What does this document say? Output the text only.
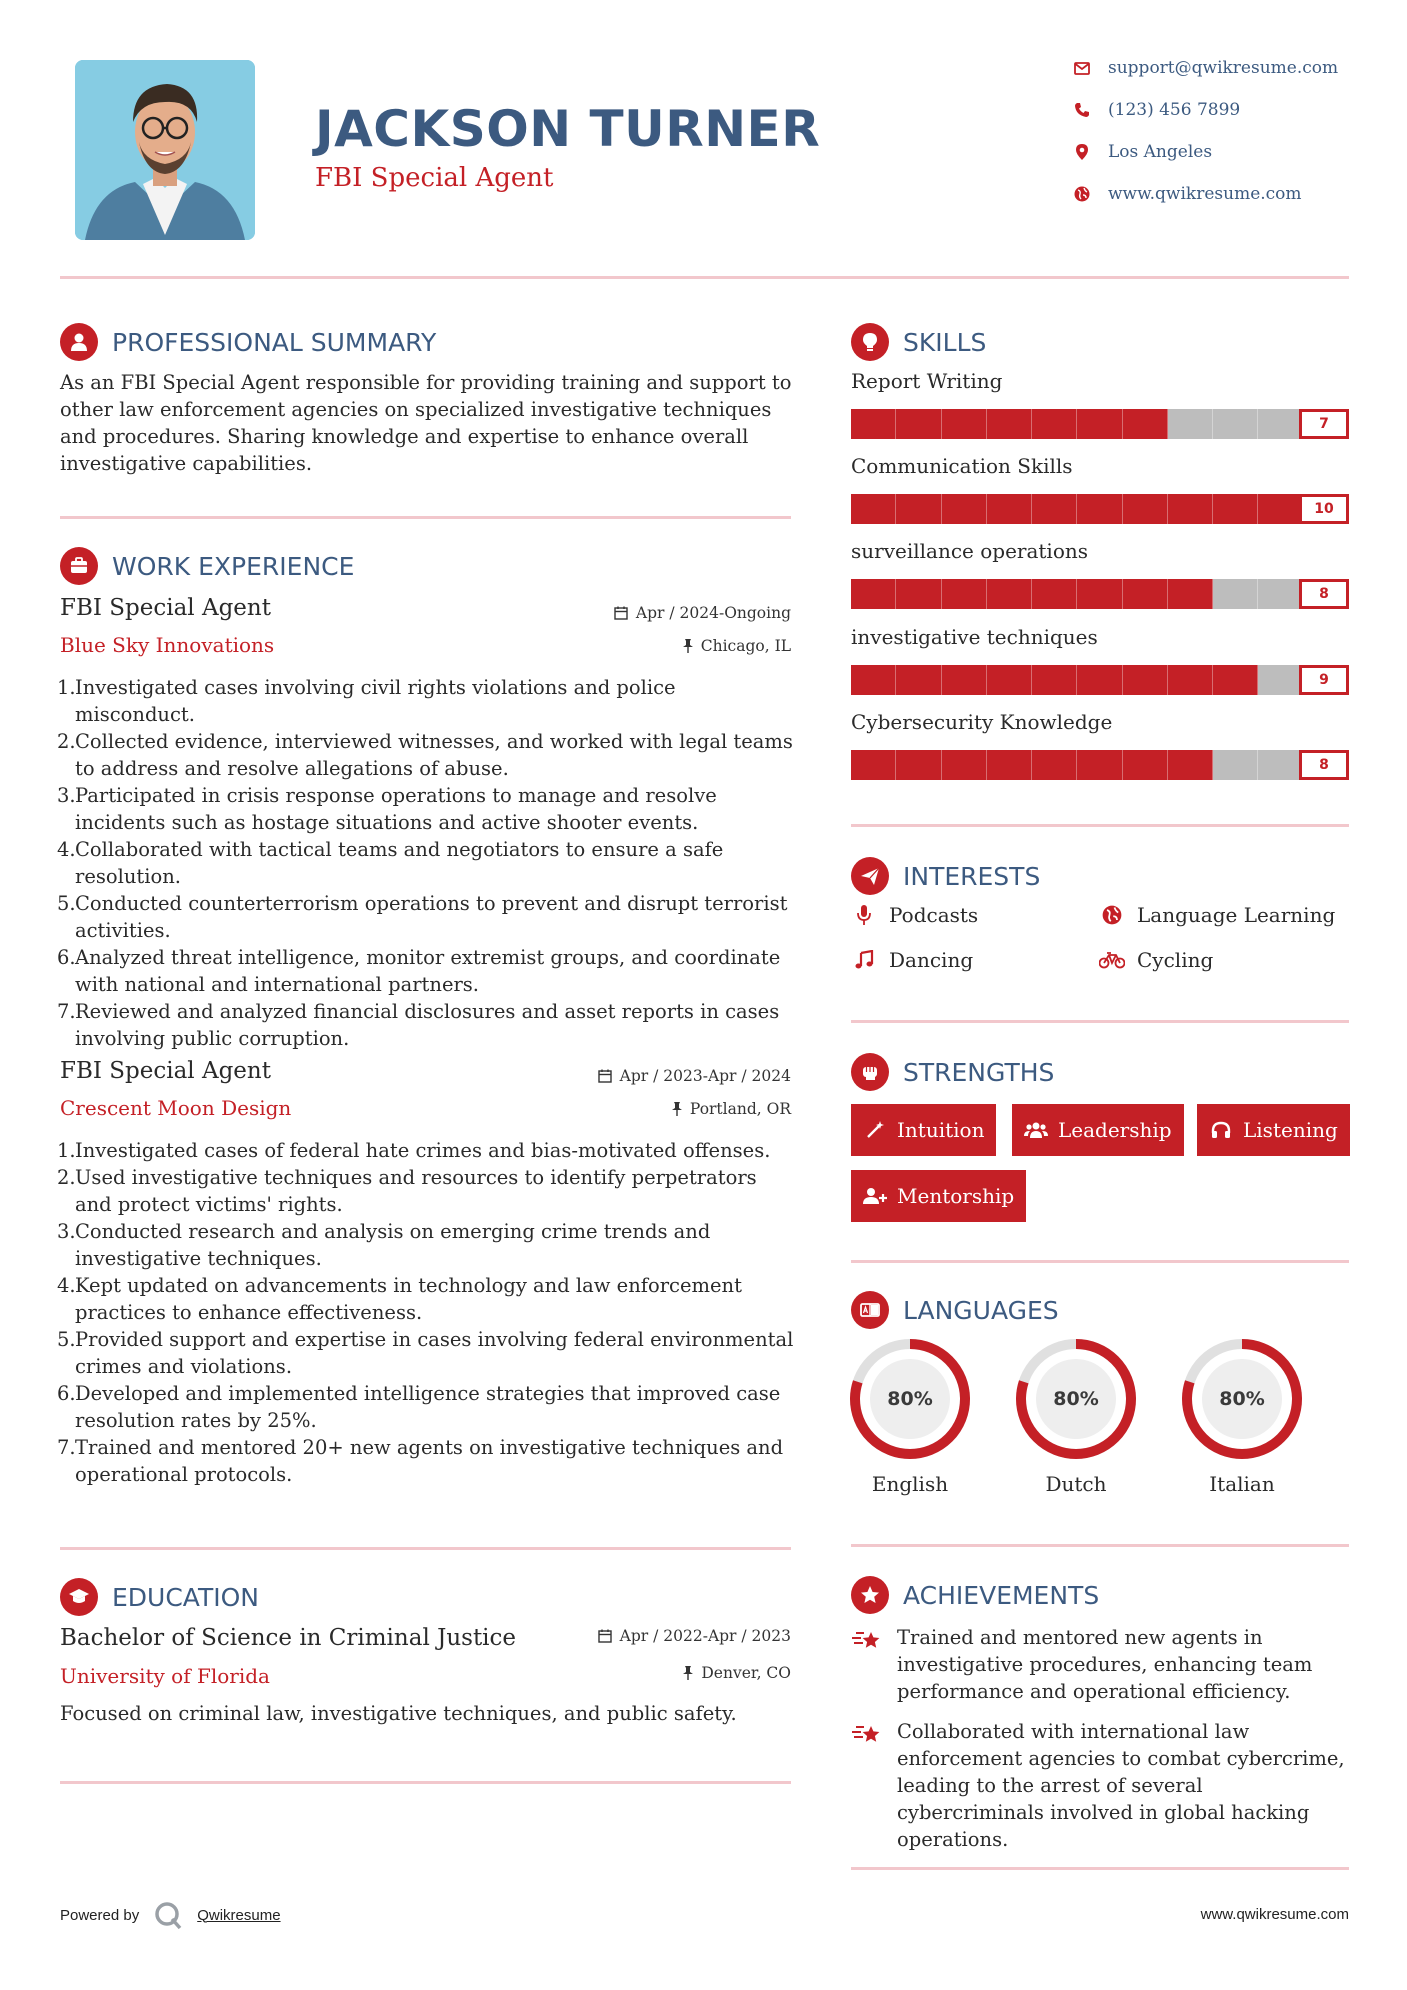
JACKSON TURNER
FBI Special Agent
support@qwikresume.com
(123) 456 7899
Los Angeles
www.qwikresume.com
PROFESSIONAL SUMMARY
As an FBI Special Agent responsible for providing training and support to other law enforcement agencies on specialized investigative techniques and procedures. Sharing knowledge and expertise to enhance overall investigative capabilities.
WORK EXPERIENCE
FBI Special Agent
Blue Sky Innovations
Apr / 2024-Ongoing
Chicago, IL
1. Investigated cases involving civil rights violations and police misconduct.
2. Collected evidence, interviewed witnesses, and worked with legal teams to address and resolve allegations of abuse.
3. Participated in crisis response operations to manage and resolve incidents such as hostage situations and active shooter events.
4. Collaborated with tactical teams and negotiators to ensure a safe resolution.
5. Conducted counterterrorism operations to prevent and disrupt terrorist activities.
6. Analyzed threat intelligence, monitor extremist groups, and coordinate with national and international partners.
7. Reviewed and analyzed financial disclosures and asset reports in cases involving public corruption.
FBI Special Agent
Crescent Moon Design
Apr / 2023-Apr / 2024
Portland, OR
1. Investigated cases of federal hate crimes and bias-motivated offenses.
2. Used investigative techniques and resources to identify perpetrators and protect victims' rights.
3. Conducted research and analysis on emerging crime trends and investigative techniques.
4. Kept updated on advancements in technology and law enforcement practices to enhance effectiveness.
5. Provided support and expertise in cases involving federal environmental crimes and violations.
6. Developed and implemented intelligence strategies that improved case resolution rates by 25%.
7. Trained and mentored 20+ new agents on investigative techniques and operational protocols.
EDUCATION
Bachelor of Science in Criminal Justice
University of Florida
Apr / 2022-Apr / 2023
Denver, CO
Focused on criminal law, investigative techniques, and public safety.
SKILLS
Report Writing
7
Communication Skills
10
surveillance operations
8
investigative techniques
9
Cybersecurity Knowledge
8
INTERESTS
Podcasts	Language Learning
Dancing	Cycling
STRENGTHS
Intuition	Leadership	Listening
Mentorship
LANGUAGES
80%
English
80%
Dutch
80%
Italian
ACHIEVEMENTS
Trained and mentored new agents in investigative procedures, enhancing team performance and operational efficiency.
Collaborated with international law enforcement agencies to combat cybercrime, leading to the arrest of several cybercriminals involved in global hacking operations.
Powered by	Qwikresume	www.qwikresume.com
